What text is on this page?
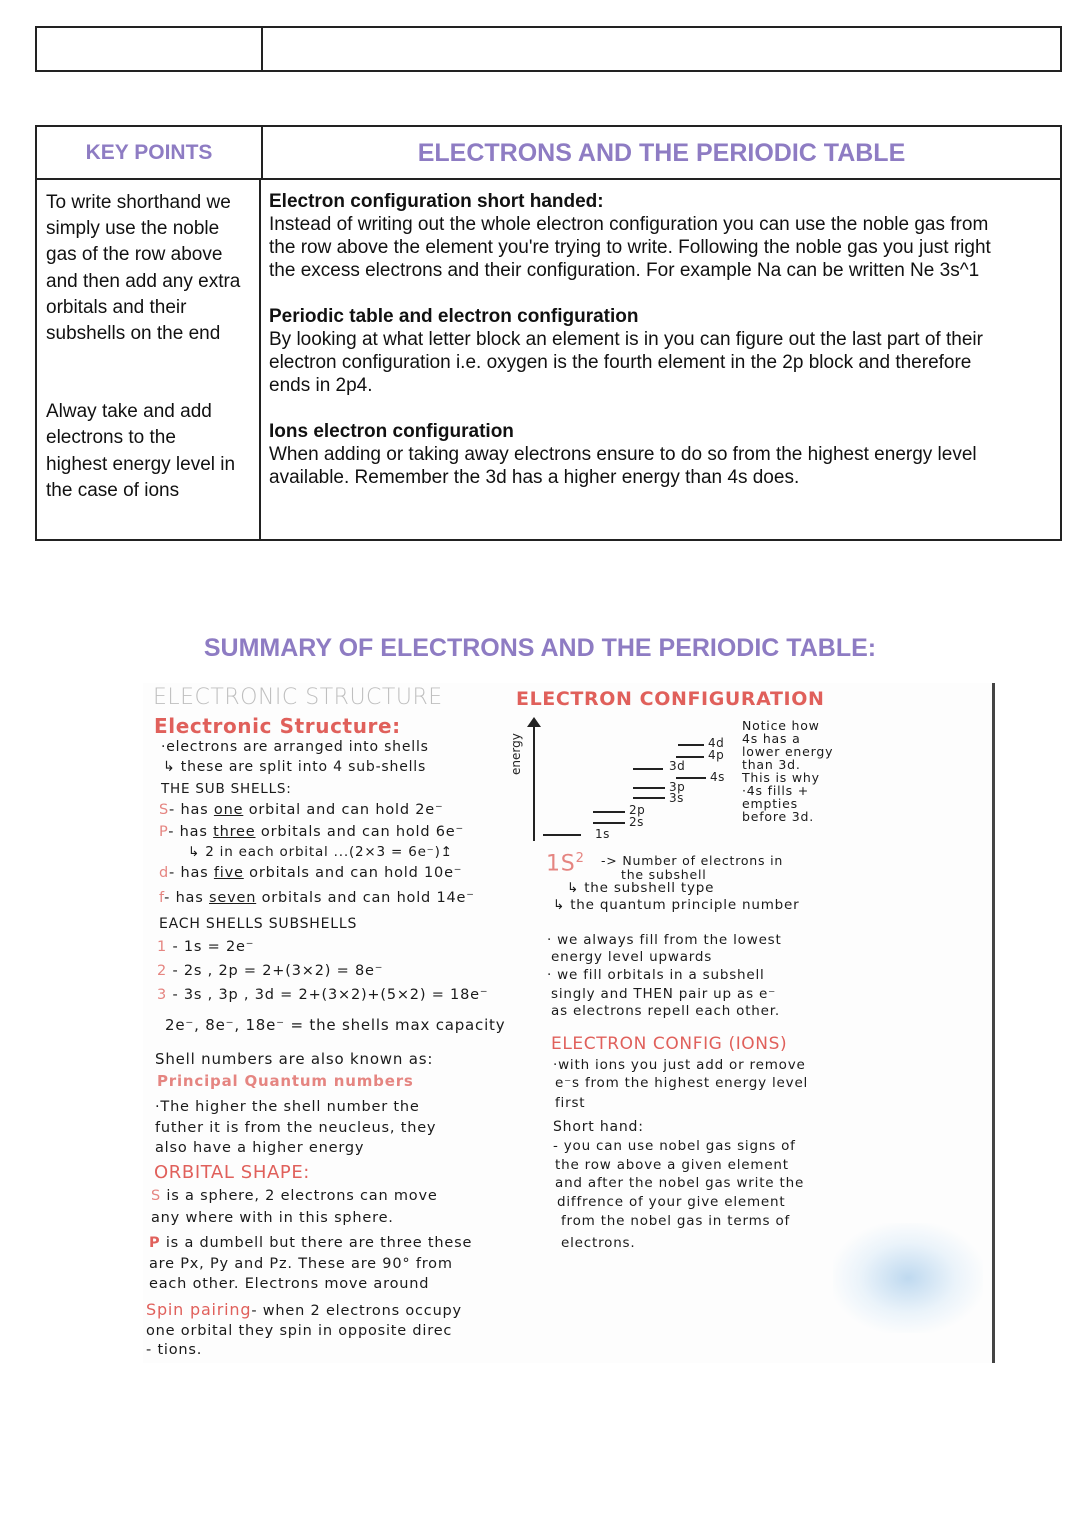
KEY POINTS	ELECTRONS AND THE PERIODIC TABLE
To write shorthand we
simply use the noble
gas of the row above
and then add any extra
orbitals and their
subshells on the end
Alway take and add
electrons to the
highest energy level in
the case of ions
Electron configuration short handed:
Instead of writing out the whole electron configuration you can use the noble gas from
the row above the element you're trying to write. Following the noble gas you just right
the excess electrons and their configuration. For example Na can be written Ne 3s^1
Periodic table and electron configuration
By looking at what letter block an element is in you can figure out the last part of their
electron configuration i.e. oxygen is the fourth element in the 2p block and therefore
ends in 2p4.
Ions electron configuration
When adding or taking away electrons ensure to do so from the highest energy level
available. Remember the 3d has a higher energy than 4s does.
SUMMARY OF ELECTRONS AND THE PERIODIC TABLE:
ELECTRONIC STRUCTURE
Electronic Structure:
·electrons are arranged into shells
↳ these are split into 4 sub-shells
THE SUB SHELLS:
S- has one orbital and can hold 2e⁻
P- has three orbitals and can hold 6e⁻
↳ 2 in each orbital ...(2×3 = 6e⁻)↥
d- has five orbitals and can hold 10e⁻
f- has seven orbitals and can hold 14e⁻
EACH SHELLS SUBSHELLS
1 - 1s = 2e⁻
2 - 2s , 2p = 2+(3×2) = 8e⁻
3 - 3s , 3p , 3d = 2+(3×2)+(5×2) = 18e⁻
2e⁻, 8e⁻, 18e⁻ = the shells max capacity
Shell numbers are also known as:
Principal Quantum numbers
·The higher the shell number the
futher it is from the neucleus, they
also have a higher energy
ORBITAL SHAPE:
S is a sphere, 2 electrons can move
any where with in this sphere.
P is a dumbell but there are three these
are Px, Py and Pz. These are 90° from
each other. Electrons move around
Spin pairing- when 2 electrons occupy
one orbital they spin in opposite direc
- tions.
ELECTRON CONFIGURATION
energy
1s
2s
2p
3s
3p
3d
4s
4p
4d
Notice how
4s has a
lower energy
than 3d.
This is why
·4s fills +
empties
before 3d.
$1S^2$ -> Number of electrons in
the subshell
↳ the subshell type
↳ the quantum principle number
· we always fill from the lowest
energy level upwards
· we fill orbitals in a subshell
singly and THEN pair up as e⁻
as electrons repell each other.
ELECTRON CONFIG (IONS)
·with ions you just add or remove
e⁻s from the highest energy level
first
Short hand:
- you can use nobel gas signs of
the row above a given element
and after the nobel gas write the
diffrence of your give element
from the nobel gas in terms of
electrons.
